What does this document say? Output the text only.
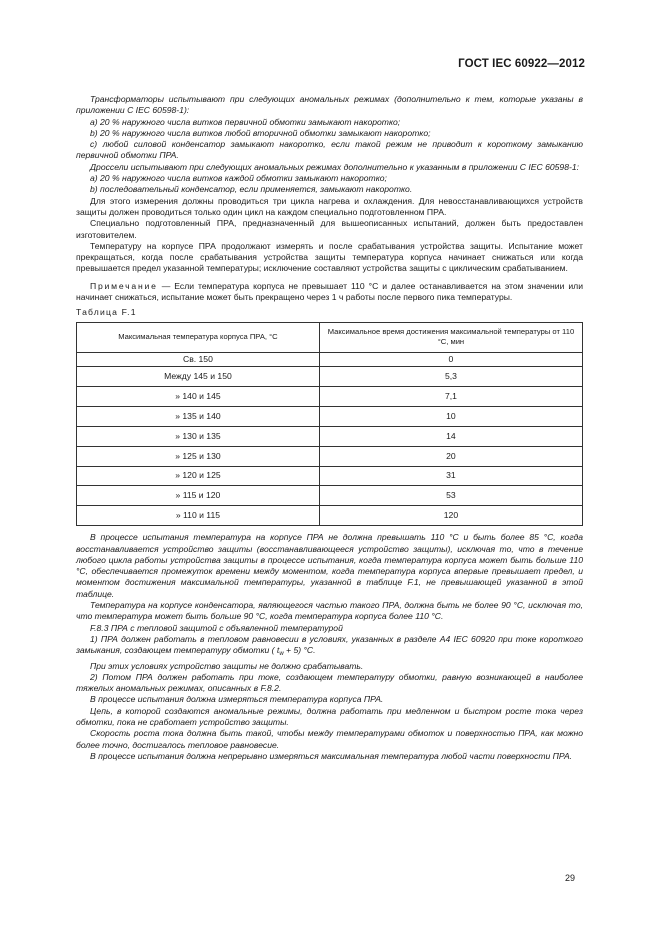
ГОСТ IEC 60922—2012

Трансформаторы испытывают при следующих аномальных режимах (дополнительно к тем, которые указаны в приложении С IEC 60598-1):

а) 20 % наружного числа витков первичной обмотки замыкают накоротко;

b) 20 % наружного числа витков любой вторичной обмотки замыкают накоротко;

с) любой силовой конденсатор замыкают накоротко, если такой режим не приводит к короткому замыканию первичной обмотки ПРА.

Дроссели испытывают при следующих аномальных режимах дополнительно к указанным в приложении С IEC 60598-1:

а) 20 % наружного числа витков каждой обмотки замыкают накоротко;

b) последовательный конденсатор, если применяется, замыкают накоротко.

Для этого измерения должны проводиться три цикла нагрева и охлаждения. Для невосстанавливающихся устройств защиты должен проводиться только один цикл на каждом специально подготовленном ПРА.

Специально подготовленный ПРА, предназначенный для вышеописанных испытаний, должен быть предоставлен изготовителем.

Температуру на корпусе ПРА продолжают измерять и после срабатывания устройства защиты. Испытание может прекращаться, когда после срабатывания устройства защиты температура корпуса начинает снижаться или когда превышается предел указанной температуры; исключение составляют устройства защиты с циклическим срабатыванием.

Примечание — Если температура корпуса не превышает 110 °С и далее останавливается на этом значении или начинает снижаться, испытание может быть прекращено через 1 ч работы после первого пика температуры.

Таблица F.1
Максимальная температура корпуса ПРА, °С	Максимальное время достижения максимальной температуры от 110 °С, мин
Св. 150	0
Между 145 и 150	5,3
» 140 и 145	7,1
» 135 и 140	10
» 130 и 135	14
» 125 и 130	20
» 120 и 125	31
» 115 и 120	53
» 110 и 115	120

В процессе испытания температура на корпусе ПРА не должна превышать 110 °С и быть более 85 °С, когда восстанавливается устройство защиты (восстанавливающееся устройство защиты), исключая то, что в течение любого цикла работы устройства защиты в процессе испытания, когда температура корпуса может быть больше 110 °С, обеспечивается промежуток времени между моментом, когда температура корпуса впервые превышает предел, и моментом достижения максимальной температуры, указанной в таблице F.1, не превышающей указанной в этой таблице.

Температура на корпусе конденсатора, являющегося частью такого ПРА, должна быть не более 90 °С, исключая то, что температура может быть больше 90 °С, когда температура корпуса более 110 °С.

F.8.3 ПРА с тепловой защитой с объявленной температурой

1) ПРА должен работать в тепловом равновесии в условиях, указанных в разделе А4 IEC 60920 при токе короткого замыкания, создающем температуру обмотки ( $t_w + 5$) °С.

При этих условиях устройство защиты не должно срабатывать.

2) Потом ПРА должен работать при токе, создающем температуру обмотки, равную возникающей в наиболее тяжелых аномальных режимах, описанных в F.8.2.

В процессе испытания должна измеряться температура корпуса ПРА.

Цепь, в которой создаются аномальные режимы, должна работать при медленном и быстром росте тока через обмотки, пока не сработает устройство защиты.

Скорость роста тока должна быть такой, чтобы между температурами обмоток и поверхностью ПРА, как можно более точно, достигалось тепловое равновесие.

В процессе испытания должна непрерывно измеряться максимальная температура любой части поверхности ПРА.

29
